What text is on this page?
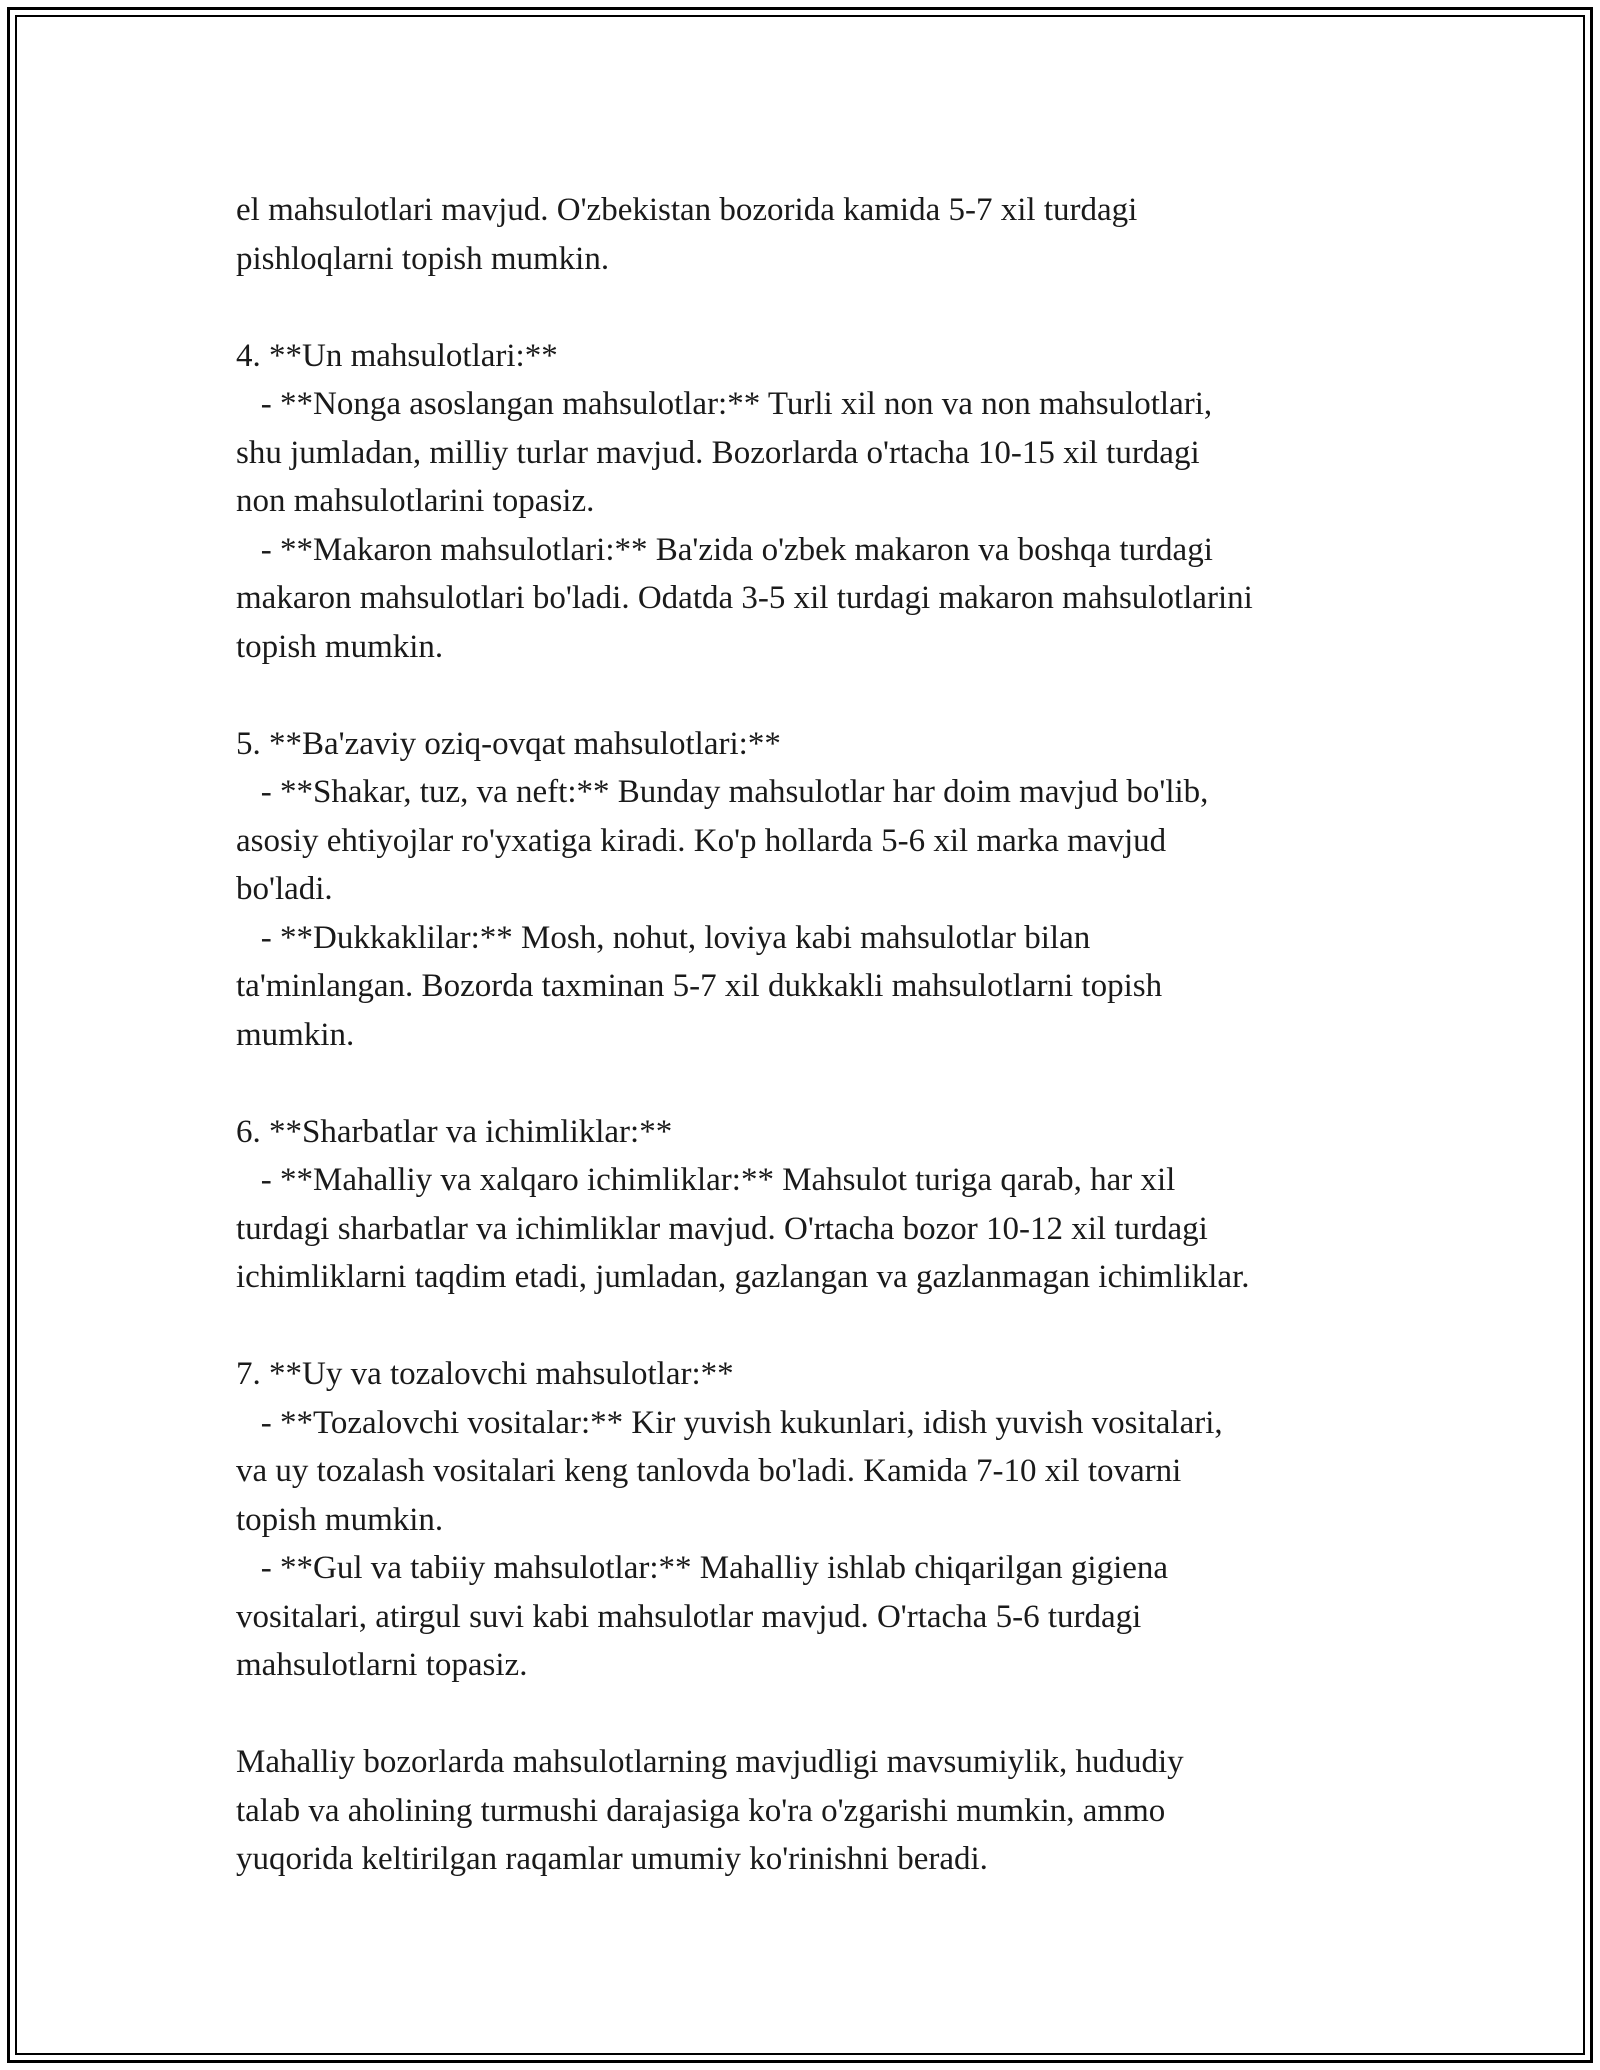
el mahsulotlari mavjud. O'zbekistan bozorida kamida 5-7 xil turdagi
pishloqlarni topish mumkin.
4. **Un mahsulotlari:**
- **Nonga asoslangan mahsulotlar:** Turli xil non va non mahsulotlari,
shu jumladan, milliy turlar mavjud. Bozorlarda o'rtacha 10-15 xil turdagi
non mahsulotlarini topasiz.
- **Makaron mahsulotlari:** Ba'zida o'zbek makaron va boshqa turdagi
makaron mahsulotlari bo'ladi. Odatda 3-5 xil turdagi makaron mahsulotlarini
topish mumkin.
5. **Ba'zaviy oziq-ovqat mahsulotlari:**
- **Shakar, tuz, va neft:** Bunday mahsulotlar har doim mavjud bo'lib,
asosiy ehtiyojlar ro'yxatiga kiradi. Ko'p hollarda 5-6 xil marka mavjud
bo'ladi.
- **Dukkaklilar:** Mosh, nohut, loviya kabi mahsulotlar bilan
ta'minlangan. Bozorda taxminan 5-7 xil dukkakli mahsulotlarni topish
mumkin.
6. **Sharbatlar va ichimliklar:**
- **Mahalliy va xalqaro ichimliklar:** Mahsulot turiga qarab, har xil
turdagi sharbatlar va ichimliklar mavjud. O'rtacha bozor 10-12 xil turdagi
ichimliklarni taqdim etadi, jumladan, gazlangan va gazlanmagan ichimliklar.
7. **Uy va tozalovchi mahsulotlar:**
- **Tozalovchi vositalar:** Kir yuvish kukunlari, idish yuvish vositalari,
va uy tozalash vositalari keng tanlovda bo'ladi. Kamida 7-10 xil tovarni
topish mumkin.
- **Gul va tabiiy mahsulotlar:** Mahalliy ishlab chiqarilgan gigiena
vositalari, atirgul suvi kabi mahsulotlar mavjud. O'rtacha 5-6 turdagi
mahsulotlarni topasiz.
Mahalliy bozorlarda mahsulotlarning mavjudligi mavsumiylik, hududiy
talab va aholining turmushi darajasiga ko'ra o'zgarishi mumkin, ammo
yuqorida keltirilgan raqamlar umumiy ko'rinishni beradi.
